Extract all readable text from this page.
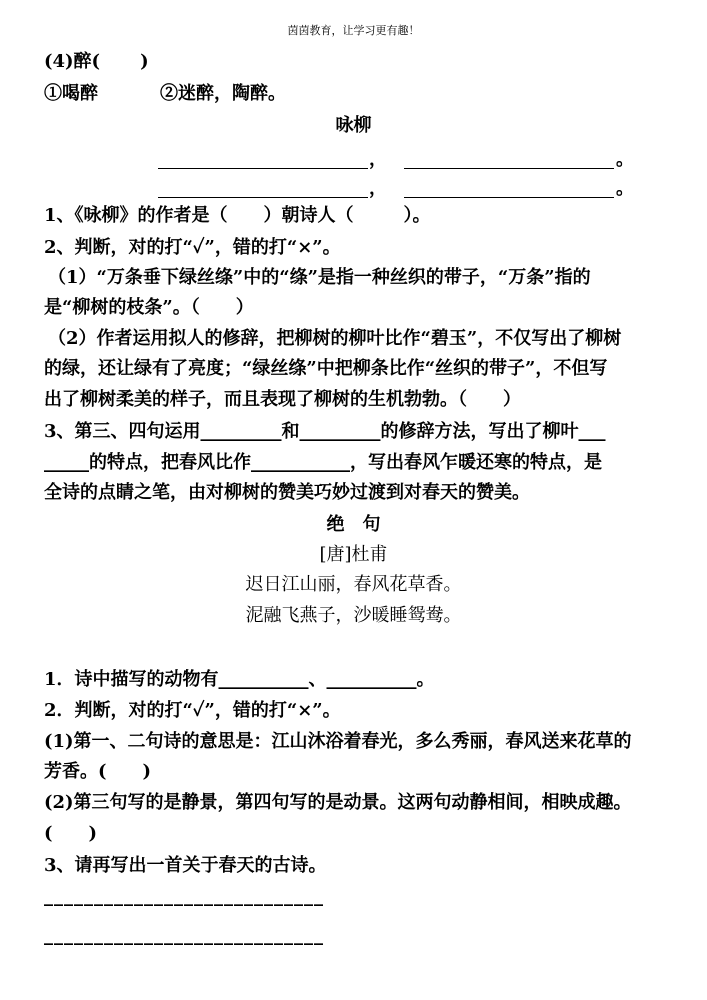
茵茵教育，让学习更有趣！
(4)醉( )
①喝醉	②迷醉，陶醉。
咏柳
，	。
，	。
1、《咏柳》的作者是（ ）朝诗人（	）。
2、判断，对的打“✓”，错的打“×”。
（1）“万条垂下绿丝绦”中的“绦”是指一种丝织的带子，“万条”指的
是“柳树的枝条”。（　　）
（2）作者运用拟人的修辞，把柳树的柳叶比作“碧玉”，不仅写出了柳树
的绿，还让绿有了亮度；“绿丝绦”中把柳条比作“丝织的带子”，不但写
出了柳树柔美的样子，而且表现了柳树的生机勃勃。（　　）
3、第三、四句运用_________和_________的修辞方法，写出了柳叶___
_____的特点，把春风比作___________，写出春风乍暖还寒的特点，是
全诗的点睛之笔，由对柳树的赞美巧妙过渡到对春天的赞美。
绝　句
[唐]杜甫
迟日江山丽，春风花草香。
泥融飞燕子，沙暖睡鸳鸯。
1．诗中描写的动物有__________、__________。
2．判断，对的打“✓”，错的打“×”。
(1)第一、二句诗的意思是：江山沐浴着春光，多么秀丽，春风送来花草的
芳香。(　　)
(2)第三句写的是静景，第四句写的是动景。这两句动静相间，相映成趣。
(　　)
3、请再写出一首关于春天的古诗。
____________________________
____________________________
